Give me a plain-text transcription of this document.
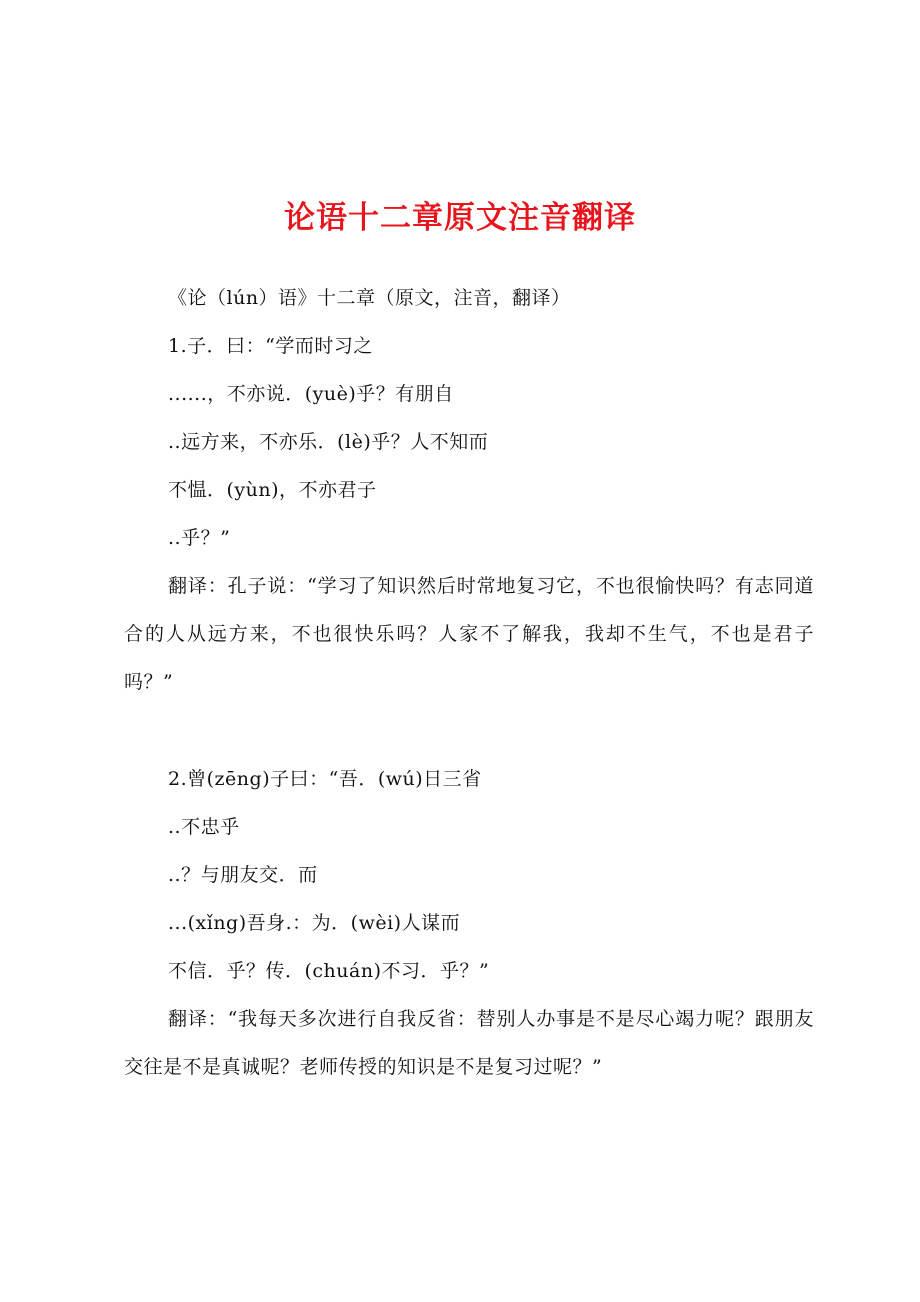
论语十二章原文注音翻译

《论（lún）语》十二章（原文，注音，翻译）

1.子．曰：“学而时习之

......，不亦说．(yuè)乎？有朋自

..远方来，不亦乐．(lè)乎？人不知而

不愠．(yùn)，不亦君子

..乎？”

翻译：孔子说：“学习了知识然后时常地复习它，不也很愉快吗？有志同道合的人从远方来，不也很快乐吗？人家不了解我，我却不生气，不也是君子吗？”

2.曾(zēng)子曰：“吾．(wú)日三省

..不忠乎

..？与朋友交．而

...(xǐng)吾身.：为．(wèi)人谋而

不信．乎？传．(chuán)不习．乎？”

翻译：“我每天多次进行自我反省：替别人办事是不是尽心竭力呢？跟朋友交往是不是真诚呢？老师传授的知识是不是复习过呢？”
